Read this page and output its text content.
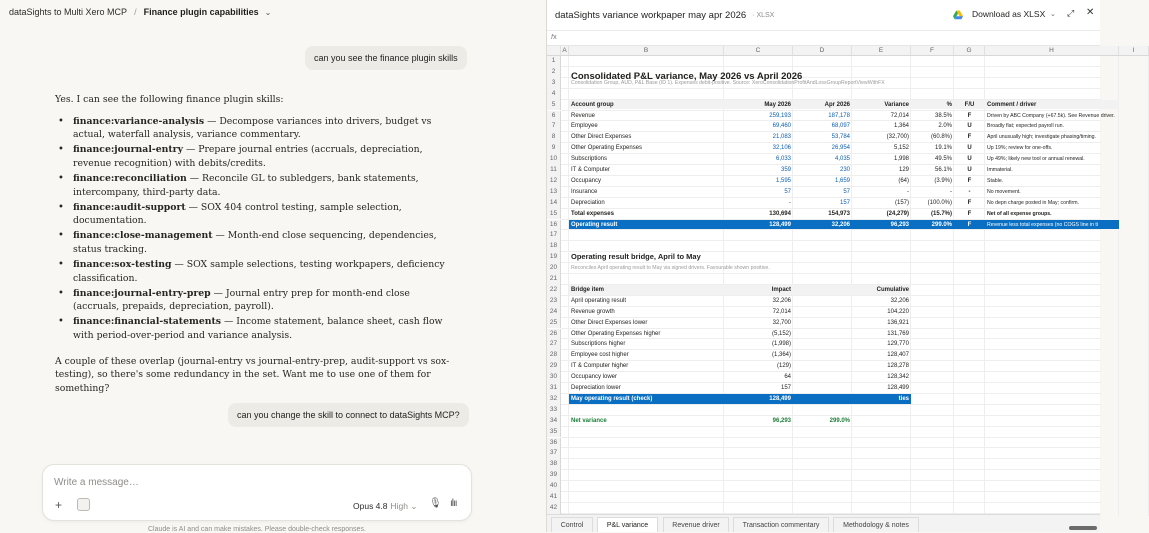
dataSights to Multi Xero MCP / Finance plugin capabilities ⌄
can you see the finance plugin skills

Yes. I can see the following finance plugin skills:

• finance:variance-analysis — Decompose variances into drivers, budget vs actual, waterfall analysis, variance commentary.
• finance:journal-entry — Prepare journal entries (accruals, depreciation, revenue recognition) with debits/credits.
• finance:reconciliation — Reconcile GL to subledgers, bank statements, intercompany, third-party data.
• finance:audit-support — SOX 404 control testing, sample selection, documentation.
• finance:close-management — Month-end close sequencing, dependencies, status tracking.
• finance:sox-testing — SOX sample selections, testing workpapers, deficiency classification.
• finance:journal-entry-prep — Journal entry prep for month-end close (accruals, prepaids, depreciation, payroll).
• finance:financial-statements — Income statement, balance sheet, cash flow with period-over-period and variance analysis.

A couple of these overlap (journal-entry vs journal-entry-prep, audit-support vs sox-testing), so there's some redundancy in the set. Want me to use one of them for something?

can you change the skill to connect to dataSights MCP?
Write a message…
+	Opus 4.8 High ⌄ 🎙 ılıı
Claude is AI and can make mistakes. Please double-check responses.
dataSights variance workpaper may apr 2026 · XLSX	Download as XLSX ⌄ ⤢ ✕
𝑓x
A	B	C	D	E	F	G	H	I
1
2
3
4
5
6
7
8
9
10
11
12
13
14
15
16
17
18
19
20
21
22
23
24
25
26
27
28
29
30
31
32
33
34
35
36
37
38
39
40
41
42
Consolidated P&L variance, May 2026 vs April 2026
Consolidation Group, AUD, P&L Base (ID 1). Expenses debit-positive. Source: XeroConsolidationProfitAndLossGroupReportViewWithFX
Account group	May 2026	Apr 2026	Variance	%	F/U	Comment / driver
Revenue	259,193	187,178	72,014	38.5%	F	Driven by ABC Company (+67.5k). See Revenue driver.
Employee	69,460	68,097	1,364	2.0%	U	Broadly flat; expected payroll run.
Other Direct Expenses	21,083	53,784	(32,700)	(60.8%)	F	April unusually high; investigate phasing/timing.
Other Operating Expenses	32,106	26,954	5,152	19.1%	U	Up 19%; review for one-offs.
Subscriptions	6,033	4,035	1,998	49.5%	U	Up 49%; likely new tool or annual renewal.
IT & Computer	359	230	129	56.1%	U	Immaterial.
Occupancy	1,595	1,659	(64)	(3.9%)	F	Stable.
Insurance	57	57	-	-	-	No movement.
Depreciation	-	157	(157)	(100.0%)	F	No depn charge posted in May; confirm.
Total expenses	130,694	154,973	(24,279)	(15.7%)	F	Net of all expense groups.
Operating result	128,499	32,206	96,293	299.0%	F	Revenue less total expenses (no COGS line in ti
Operating result bridge, April to May
Reconciles April operating result to May via signed drivers. Favourable shown positive.
Bridge item	Impact	Cumulative
April operating result	32,206	32,206
Revenue growth	72,014	104,220
Other Direct Expenses lower	32,700	136,921
Other Operating Expenses higher	(5,152)	131,769
Subscriptions higher	(1,998)	129,770
Employee cost higher	(1,364)	128,407
IT & Computer higher	(129)	128,278
Occupancy lower	64	128,342
Depreciation lower	157	128,499
May operating result (check)	128,499	ties
Net variance	96,293	299.0%
Control	P&L variance	Revenue driver	Transaction commentary	Methodology & notes
